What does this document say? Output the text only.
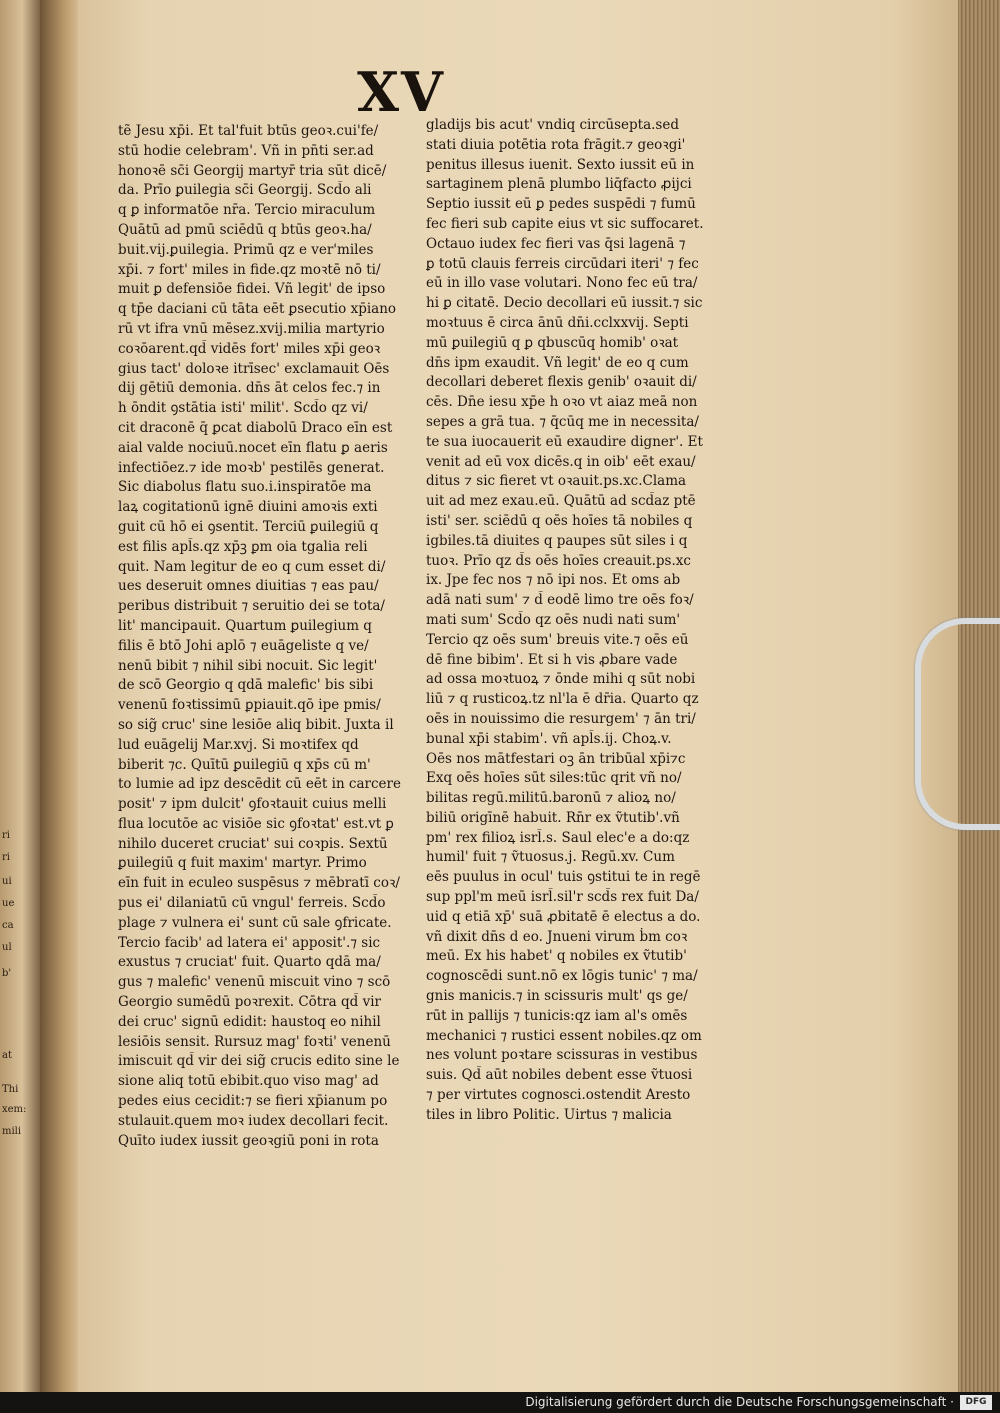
ri
ri
ui
ue
ca
ul
b'
at
Thi
xem:
mili
XV
tẽ Jesu xp̄i. Et tal'fuit btūs geoꝛ.cui'fe/
stū hodie celebram'. Vñ in pn̄ti ser.ad
honoꝛē sc̄i Georgij martyr̄ tria sūt dicē/
da. Prīo ꝑuilegia sc̄i Georgij. Scd̄o ali
q ꝑ informatōe nr̄a. Tercio miraculum
Quātū ad pmū sciēdū q btūs geoꝛ.ha/
buit.vij.ꝑuilegia. Primū qz e ver'miles
xp̄i. ⁊ fort' miles in fide.qz moꝛtē nō ti/
muit ꝑ defensiōe fidei. Vñ legit' de ipso
q tp̄e daciani cū tāta eēt ꝑsecutio xp̄iano
rū vt ifra vnū mēsez.xvij.milia martyrio
coꝛōarent.qd̄ vidēs fort' miles xp̄i geoꝛ
gius tact' doloꝛe itrīsec' exclamauit Oēs
dij gētiū demonia. dn̄s āt celos fec.⁊ in
h ōndit ꝯstātia isti' milit'. Scd̄o qz vi/
cit draconē q̄ ꝑcat diabolū Draco eīn est
aial valde nociuū.nocet eīn flatu ꝑ aeris
infectiōez.⁊ ide moꝛb' pestilēs generat.
Sic diabolus flatu suo.i.inspiratōe ma
laꝝ cogitationū ignē diuini amoꝛis exti
guit cū hō ei ꝯsentit. Terciū ꝑuilegiū q
est filis apl̄s.qz xp̄ꝫ ꝑm oia tgalia reli
quit. Nam legitur de eo q cum esset di/
ues deseruit omnes diuitias ⁊ eas pau/
peribus distribuit ⁊ seruitio dei se tota/
lit' mancipauit. Quartum ꝑuilegium q
filis ē btō Johi aplō ⁊ euāgeliste q ve/
nenū bibit ⁊ nihil sibi nocuit. Sic legit'
de scō Georgio q qdā malefic' bis sibi
venenū foꝛtissimū ꝑpiauit.qō ipe pmis/
so sig̃ cruc' sine lesiōe aliq bibit. Juxta il
lud euāgelij Mar.xvj. Si moꝛtifex qd
biberit ⁊c. Quītū ꝑuilegiū q xp̄s cū m'
to lumie ad ipz descēdit cū eēt in carcere
posit' ⁊ ipm dulcit' ꝯfoꝛtauit cuius melli
flua locutōe ac visiōe sic ꝯfoꝛtat' est.vt ꝑ
nihilo duceret cruciat' sui coꝛpis. Sextū
ꝑuilegiū q fuit maxim' martyr. Primo
eīn fuit in eculeo suspēsus ⁊ mēbratī coꝛ/
pus ei' dilaniatū cū vngul' ferreis. Scd̄o
plage ⁊ vulnera ei' sunt cū sale ꝯfricate.
Tercio facib' ad latera ei' apposit'.⁊ sic
exustus ⁊ cruciat' fuit. Quarto qdā ma/
gus ⁊ malefic' venenū miscuit vino ⁊ scō
Georgio sumēdū poꝛrexit. Cōtra qd̄ vir
dei cruc' signū edidit: haustoq eo nihil
lesiōis sensit. Rursuz mag' foꝛti' venenū
imiscuit qd̄ vir dei sig̃ crucis edito sine le
sione aliq totū ebibit.quo viso mag' ad
pedes eius cecidit:⁊ se fieri xp̄ianum po
stulauit.quem moꝛ iudex decollari fecit.
Quīto iudex iussit geoꝛgiū poni in rota
gladijs bis acut' vndiq circūsepta.sed
stati diuia potētia rota frāgit.⁊ geoꝛgi'
penitus illesus iuenit. Sexto iussit eū in
sartaginem plenā plumbo liq̄facto ꝓijci
Septio iussit eū ꝑ pedes suspēdi ⁊ fumū
fec fieri sub capite eius vt sic suffocaret.
Octauo iudex fec fieri vas q̄si lagenā ⁊
ꝑ totū clauis ferreis circūdari iteri' ⁊ fec
eū in illo vase volutari. Nono fec eū tra/
hi ꝑ citatē. Decio decollari eū iussit.⁊ sic
moꝛtuus ē circa ānū dn̄i.cclxxvij. Septi
mū ꝑuilegiū q ꝑ qbuscūq homib' oꝛat
dn̄s ipm exaudit. Vñ legit' de eo q cum
decollari deberet flexis genib' oꝛauit di/
cēs. Dn̄e iesu xp̄e h oꝛo vt aiaz meā non
sepes a grā tua. ⁊ q̄cūq me in necessita/
te sua iuocauerit eū exaudire digner'. Et
venit ad eū vox dicēs.q in oib' eēt exau/
ditus ⁊ sic fieret vt oꝛauit.ps.xc.Clama
uit ad mez exau.eū. Quātū ad scd̄az ptē
isti' ser. sciēdū q oēs hoīes tā nobiles q
igbiles.tā diuites q paupes sūt siles i q
tuoꝛ. Prīo qz d̄s oēs hoīes creauit.ps.xc
ix. Jpe fec nos ⁊ nō ipi nos. Et oms ab
adā nati sum' ⁊ d̄ eodē limo tre oēs foꝛ/
mati sum' Scd̄o qz oēs nudi nati sum'
Tercio qz oēs sum' breuis vite.⁊ oēs eū
dē fine bibim'. Et si h vis ꝓbare vade
ad ossa moꝛtuoꝝ ⁊ ōnde mihi q sūt nobi
liū ⁊ q rusticoꝝ.tz nl'la ē dr̄ia. Quarto qz
oēs in nouissimo die resurgem' ⁊ ān tri/
bunal xp̄i stabim'. vñ apl̄s.ij. Choꝝ.v.
Oēs nos mātfestari oꝫ ān tribūal xp̄i⁊c
Exq oēs hoīes sūt siles:tūc qrit vñ no/
bilitas regū.militū.baronū ⁊ alioꝝ no/
biliū origīnē habuit. Rn̄r ex ṽtutib'.vñ
pm' rex filioꝝ isrl̄.s. Saul elec'e a do:qz
humil' fuit ⁊ ṽtuosus.j. Regū.xv. Cum
eēs puulus in ocul' tuis ꝯstitui te in regē
sup ppl'm meū isrl̄.sil'r scd̄s rex fuit Da/
uid q etiā xp̄' suā ꝓbitatē ē electus a do.
vñ dixit dn̄s d eo. Jnueni virum ḃm coꝛ
meū. Ex his habet' q nobiles ex ṽtutib'
cognoscēdi sunt.nō ex lōgis tunic' ⁊ ma/
gnis manicis.⁊ in scissuris mult' qs ge/
rūt in pallijs ⁊ tunicis:qz iam al's omēs
mechanici ⁊ rustici essent nobiles.qz om
nes volunt poꝛtare scissuras in vestibus
suis. Qd̄ aūt nobiles debent esse ṽtuosi
⁊ per virtutes cognosci.ostendit Aresto
tiles in libro Politic. Uirtus ⁊ malicia
Digitalisierung gefördert durch die Deutsche Forschungsgemeinschaft ·	DFG
